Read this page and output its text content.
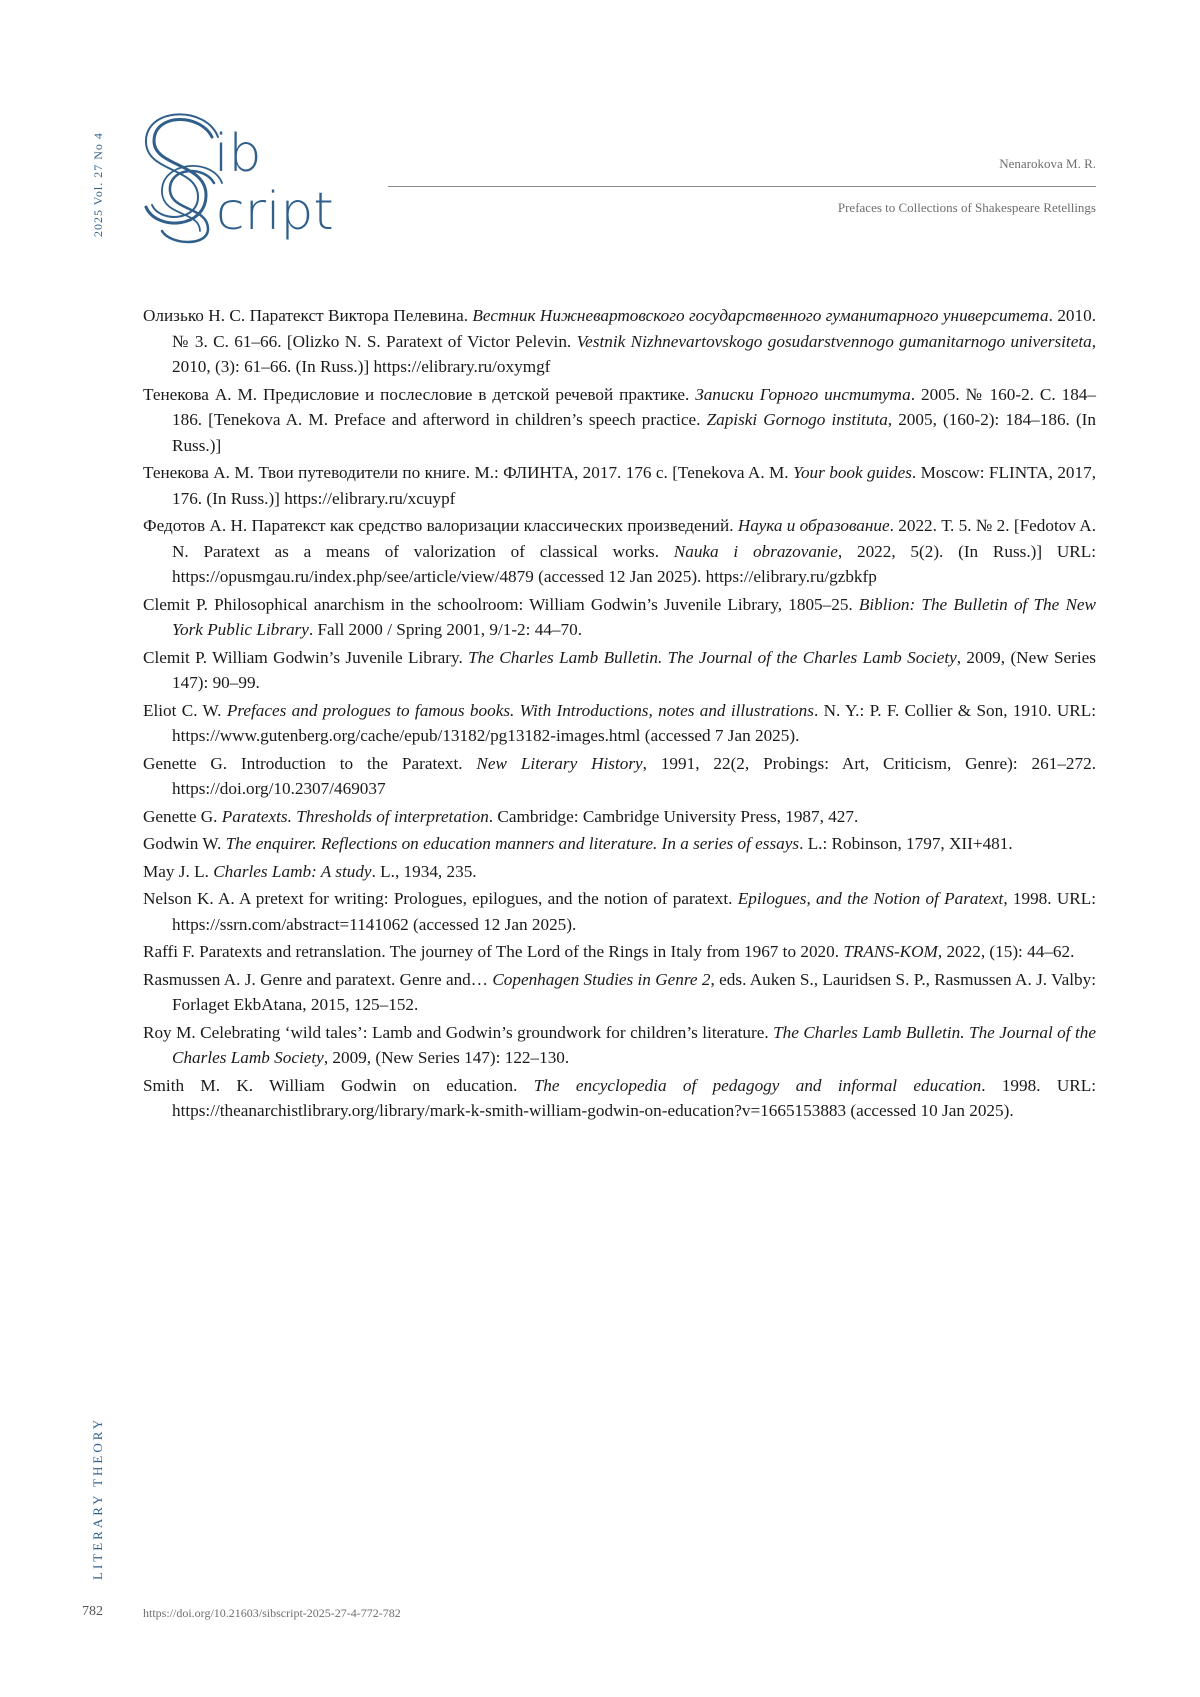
2025 Vol. 27 No 4 ib
cript
Nenarokova M. R.
Prefaces to Collections of Shakespeare Retellings
Олизько Н. С. Паратекст Виктора Пелевина. Вестник Нижневартовского государственного гуманитарного университета. 2010. № 3. С. 61–66. [Olizko N. S. Paratext of Victor Pelevin. Vestnik Nizhnevartovskogo gosudarstvennogo gumanitarnogo universiteta, 2010, (3): 61–66. (In Russ.)] https://elibrary.ru/oxymgf
Тенекова А. М. Предисловие и послесловие в детской речевой практике. Записки Горного института. 2005. № 160-2. С. 184–186. [Tenekova A. M. Preface and afterword in children’s speech practice. Zapiski Gornogo instituta, 2005, (160-2): 184–186. (In Russ.)]
Тенекова А. М. Твои путеводители по книге. М.: ФЛИНТА, 2017. 176 с. [Tenekova A. M. Your book guides. Moscow: FLINTA, 2017, 176. (In Russ.)] https://elibrary.ru/xcuypf
Федотов А. Н. Паратекст как средство валоризации классических произведений. Наука и образование. 2022. Т. 5. № 2. [Fedotov A. N. Paratext as a means of valorization of classical works. Nauka i obrazovanie, 2022, 5(2). (In Russ.)] URL: https://opusmgau.ru/index.php/see/article/view/4879 (accessed 12 Jan 2025). https://elibrary.ru/gzbkfp
Clemit P. Philosophical anarchism in the schoolroom: William Godwin’s Juvenile Library, 1805–25. Biblion: The Bulletin of The New York Public Library. Fall 2000 / Spring 2001, 9/1-2: 44–70.
Clemit P. William Godwin’s Juvenile Library. The Charles Lamb Bulletin. The Journal of the Charles Lamb Society, 2009, (New Series 147): 90–99.
Eliot C. W. Prefaces and prologues to famous books. With Introductions, notes and illustrations. N. Y.: P. F. Collier & Son, 1910. URL: https://www.gutenberg.org/cache/epub/13182/pg13182-images.html (accessed 7 Jan 2025).
Genette G. Introduction to the Paratext. New Literary History, 1991, 22(2, Probings: Art, Criticism, Genre): 261–272. https://doi.org/10.2307/469037
Genette G. Paratexts. Thresholds of interpretation. Cambridge: Cambridge University Press, 1987, 427.
Godwin W. The enquirer. Reflections on education manners and literature. In a series of essays. L.: Robinson, 1797, XII+481.
May J. L. Charles Lamb: A study. L., 1934, 235.
Nelson K. A. A pretext for writing: Prologues, epilogues, and the notion of paratext. Epilogues, and the Notion of Paratext, 1998. URL: https://ssrn.com/abstract=1141062 (accessed 12 Jan 2025).
Raffi F. Paratexts and retranslation. The journey of The Lord of the Rings in Italy from 1967 to 2020. TRANS-KOM, 2022, (15): 44–62.
Rasmussen A. J. Genre and paratext. Genre and… Copenhagen Studies in Genre 2, eds. Auken S., Lauridsen S. P., Rasmussen A. J. Valby: Forlaget EkbAtana, 2015, 125–152.
Roy M. Celebrating ‘wild tales’: Lamb and Godwin’s groundwork for children’s literature. The Charles Lamb Bulletin. The Journal of the Charles Lamb Society, 2009, (New Series 147): 122–130.
Smith M. K. William Godwin on education. The encyclopedia of pedagogy and informal education. 1998. URL: https://theanarchistlibrary.org/library/mark-k-smith-william-godwin-on-education?v=1665153883 (accessed 10 Jan 2025).
LITERARY THEORY
782	https://doi.org/10.21603/sibscript-2025-27-4-772-782
